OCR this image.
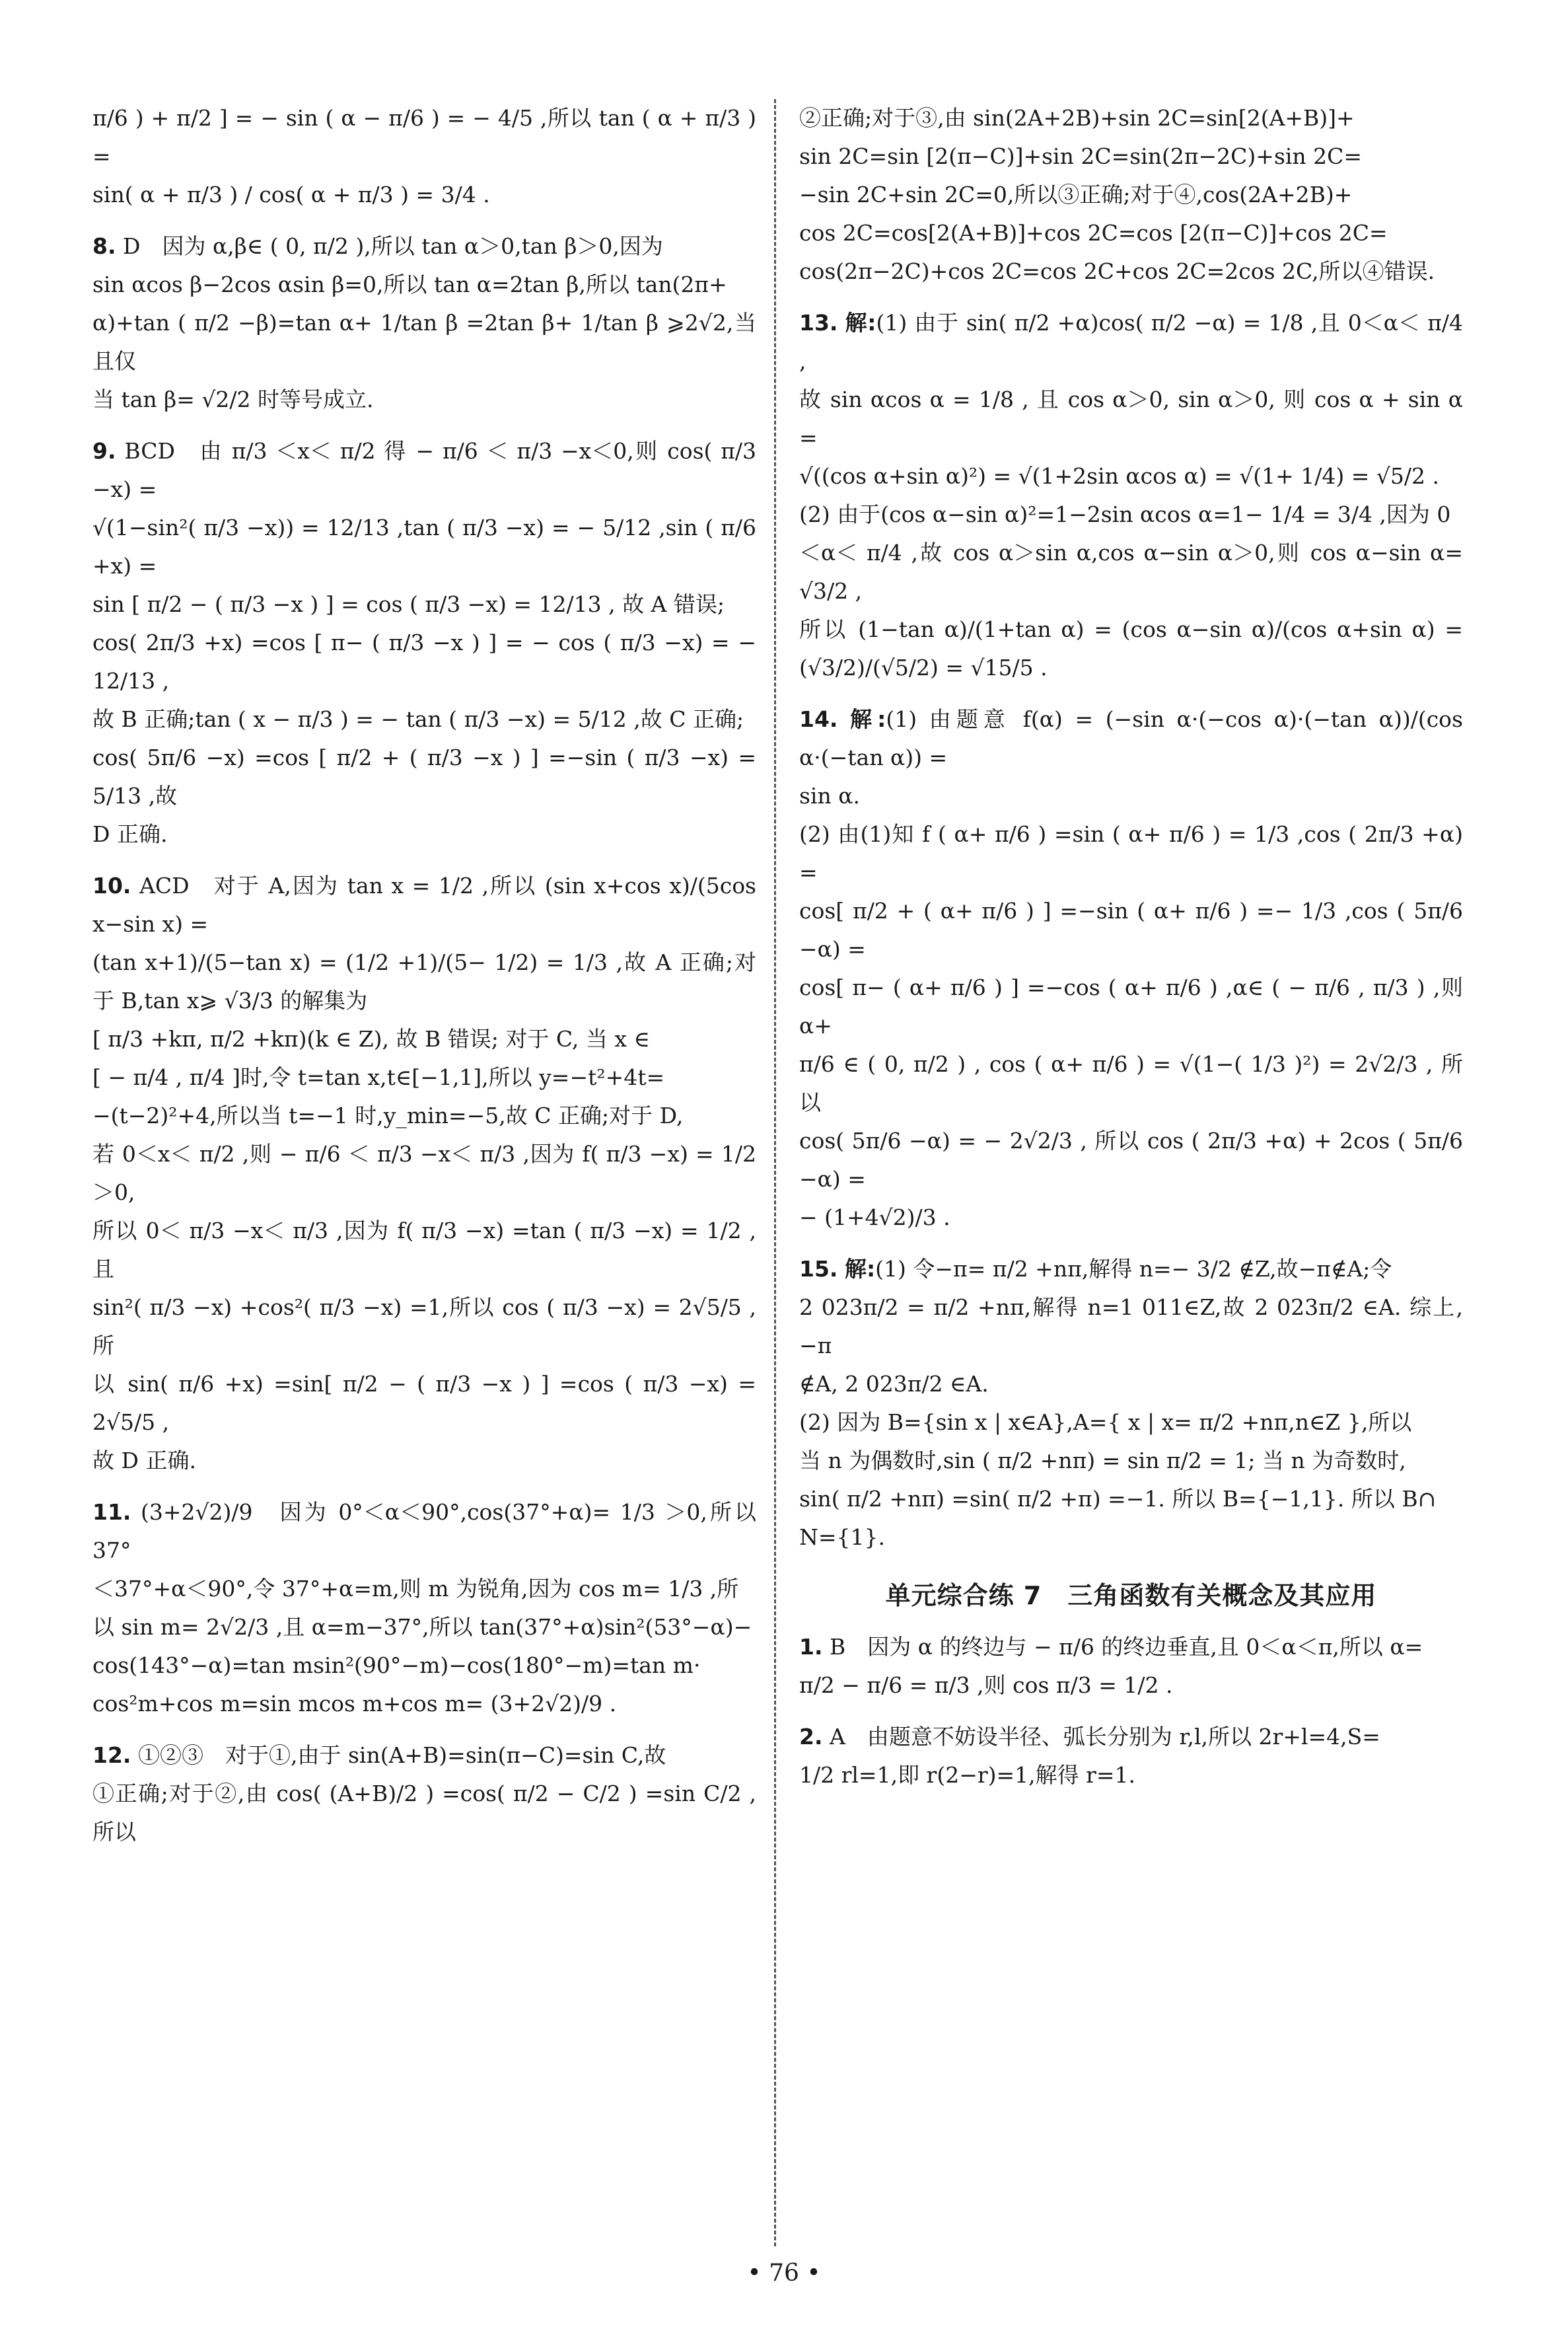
π/6 ) + π/2 ] = − sin ( α − π/6 ) = − 4/5 ,所以 tan ( α + π/3 ) =
sin( α + π/3 ) / cos( α + π/3 ) = 3/4 .
8. D　因为 α,β∈ ( 0, π/2 ),所以 tan α＞0,tan β＞0,因为
sin αcos β−2cos αsin β=0,所以 tan α=2tan β,所以 tan(2π+
α)+tan ( π/2 −β)=tan α+ 1/tan β =2tan β+ 1/tan β ⩾2√2,当且仅
当 tan β= √2/2 时等号成立.
9. BCD　由 π/3 ＜x＜ π/2 得 − π/6 ＜ π/3 −x＜0,则 cos( π/3 −x) =
√(1−sin²( π/3 −x)) = 12/13 ,tan ( π/3 −x) = − 5/12 ,sin ( π/6 +x) =
sin [ π/2 − ( π/3 −x ) ] = cos ( π/3 −x) = 12/13 , 故 A 错误;
cos( 2π/3 +x) =cos [ π− ( π/3 −x ) ] = − cos ( π/3 −x) = − 12/13 ,
故 B 正确;tan ( x − π/3 ) = − tan ( π/3 −x) = 5/12 ,故 C 正确;
cos( 5π/6 −x) =cos [ π/2 + ( π/3 −x ) ] =−sin ( π/3 −x) = 5/13 ,故
D 正确.
10. ACD　对于 A,因为 tan x = 1/2 ,所以 (sin x+cos x)/(5cos x−sin x) =
(tan x+1)/(5−tan x) = (1/2 +1)/(5− 1/2) = 1/3 ,故 A 正确;对于 B,tan x⩾ √3/3 的解集为
[ π/3 +kπ, π/2 +kπ)(k ∈ Z), 故 B 错误; 对于 C, 当 x ∈
[ − π/4 , π/4 ]时,令 t=tan x,t∈[−1,1],所以 y=−t²+4t=
−(t−2)²+4,所以当 t=−1 时,y_min=−5,故 C 正确;对于 D,
若 0＜x＜ π/2 ,则 − π/6 ＜ π/3 −x＜ π/3 ,因为 f( π/3 −x) = 1/2 ＞0,
所以 0＜ π/3 −x＜ π/3 ,因为 f( π/3 −x) =tan ( π/3 −x) = 1/2 ,且
sin²( π/3 −x) +cos²( π/3 −x) =1,所以 cos ( π/3 −x) = 2√5/5 ,所
以 sin( π/6 +x) =sin[ π/2 − ( π/3 −x ) ] =cos ( π/3 −x) = 2√5/5 ,
故 D 正确.
11. (3+2√2)/9　因为 0°＜α＜90°,cos(37°+α)= 1/3 ＞0,所以 37°
＜37°+α＜90°,令 37°+α=m,则 m 为锐角,因为 cos m= 1/3 ,所
以 sin m= 2√2/3 ,且 α=m−37°,所以 tan(37°+α)sin²(53°−α)−
cos(143°−α)=tan msin²(90°−m)−cos(180°−m)=tan m·
cos²m+cos m=sin mcos m+cos m= (3+2√2)/9 .
12. ①②③　对于①,由于 sin(A+B)=sin(π−C)=sin C,故
①正确;对于②,由 cos( (A+B)/2 ) =cos( π/2 − C/2 ) =sin C/2 ,所以
②正确;对于③,由 sin(2A+2B)+sin 2C=sin[2(A+B)]+
sin 2C=sin [2(π−C)]+sin 2C=sin(2π−2C)+sin 2C=
−sin 2C+sin 2C=0,所以③正确;对于④,cos(2A+2B)+
cos 2C=cos[2(A+B)]+cos 2C=cos [2(π−C)]+cos 2C=
cos(2π−2C)+cos 2C=cos 2C+cos 2C=2cos 2C,所以④错误.
13. 解:(1) 由于 sin( π/2 +α)cos( π/2 −α) = 1/8 ,且 0＜α＜ π/4 ,
故 sin αcos α = 1/8 , 且 cos α＞0, sin α＞0, 则 cos α + sin α =
√((cos α+sin α)²) = √(1+2sin αcos α) = √(1+ 1/4) = √5/2 .
(2) 由于(cos α−sin α)²=1−2sin αcos α=1− 1/4 = 3/4 ,因为 0
＜α＜ π/4 ,故 cos α＞sin α,cos α−sin α＞0,则 cos α−sin α= √3/2 ,
所以 (1−tan α)/(1+tan α) = (cos α−sin α)/(cos α+sin α) = (√3/2)/(√5/2) = √15/5 .
14. 解:(1) 由题意 f(α) = (−sin α·(−cos α)·(−tan α))/(cos α·(−tan α)) =
sin α.
(2) 由(1)知 f ( α+ π/6 ) =sin ( α+ π/6 ) = 1/3 ,cos ( 2π/3 +α) =
cos[ π/2 + ( α+ π/6 ) ] =−sin ( α+ π/6 ) =− 1/3 ,cos ( 5π/6 −α) =
cos[ π− ( α+ π/6 ) ] =−cos ( α+ π/6 ) ,α∈ ( − π/6 , π/3 ) ,则 α+
π/6 ∈ ( 0, π/2 ) , cos ( α+ π/6 ) = √(1−( 1/3 )²) = 2√2/3 , 所 以
cos( 5π/6 −α) = − 2√2/3 , 所以 cos ( 2π/3 +α) + 2cos ( 5π/6 −α) =
− (1+4√2)/3 .
15. 解:(1) 令−π= π/2 +nπ,解得 n=− 3/2 ∉Z,故−π∉A;令
2 023π/2 = π/2 +nπ,解得 n=1 011∈Z,故 2 023π/2 ∈A. 综上,−π
∉A, 2 023π/2 ∈A.
(2) 因为 B={sin x | x∈A},A={ x | x= π/2 +nπ,n∈Z },所以
当 n 为偶数时,sin ( π/2 +nπ) = sin π/2 = 1; 当 n 为奇数时,
sin( π/2 +nπ) =sin( π/2 +π) =−1. 所以 B={−1,1}. 所以 B∩
N={1}.
单元综合练 7　三角函数有关概念及其应用
1. B　因为 α 的终边与 − π/6 的终边垂直,且 0＜α＜π,所以 α=
π/2 − π/6 = π/3 ,则 cos π/3 = 1/2 .
2. A　由题意不妨设半径、弧长分别为 r,l,所以 2r+l=4,S=
1/2 rl=1,即 r(2−r)=1,解得 r=1.
• 76 •
